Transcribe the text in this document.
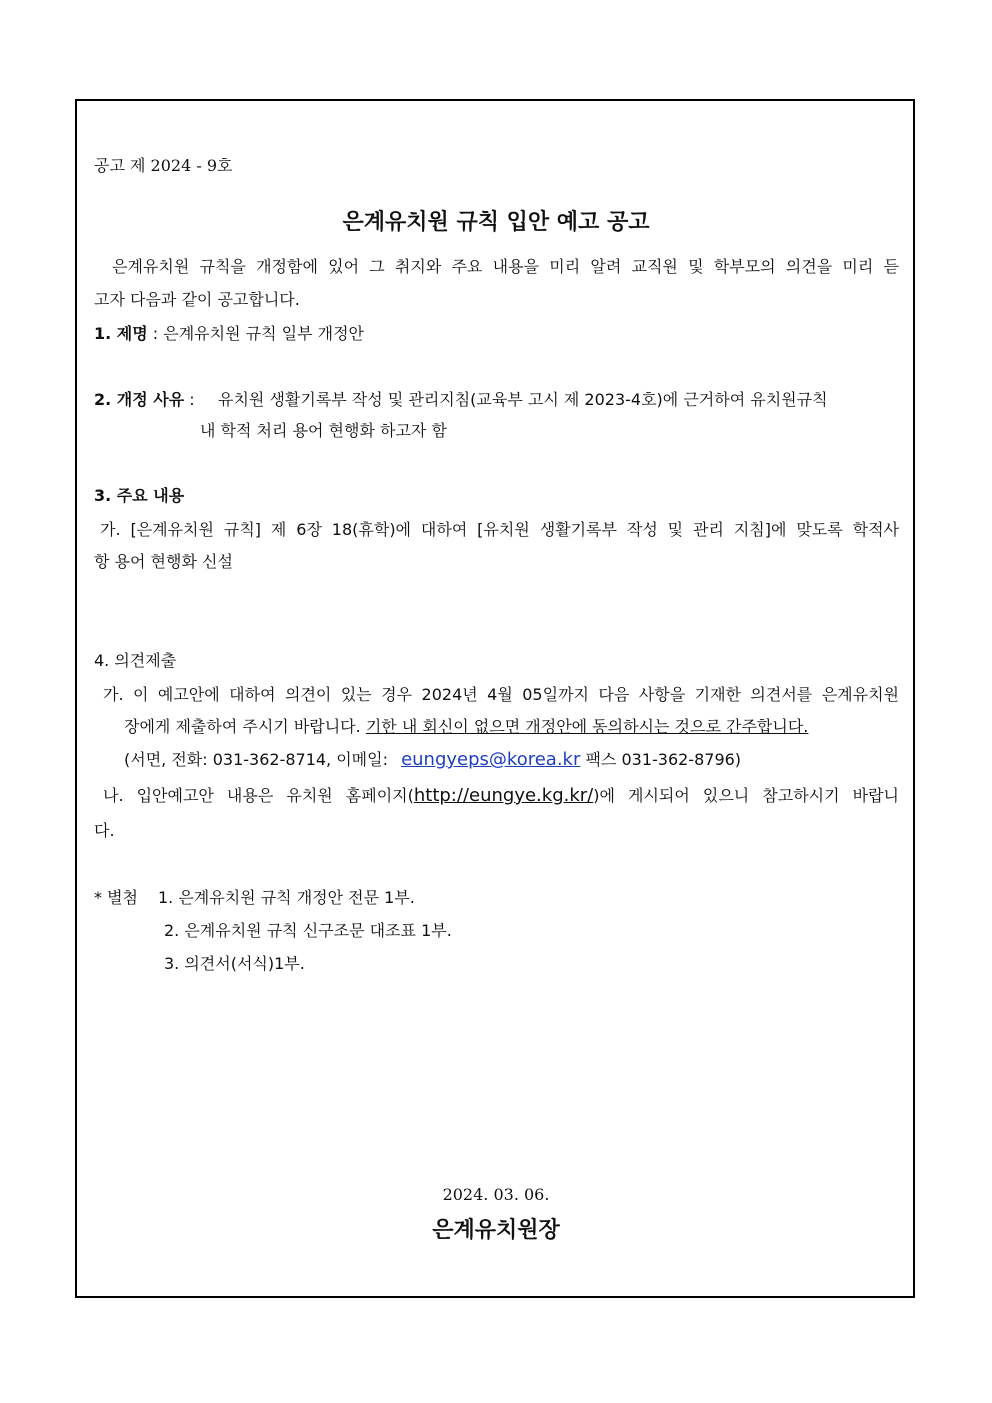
공고 제 2024 - 9호
은계유치원 규칙 입안 예고 공고
은계유치원 규칙을 개정함에 있어 그 취지와 주요 내용을 미리 알려 교직원 및 학부모의 의견을 미리 듣
고자 다음과 같이 공고합니다.
1. 제명 : 은계유치원 규칙 일부 개정안
2. 개정 사유 : 유치원 생활기록부 작성 및 관리지침(교육부 고시 제 2023-4호)에 근거하여 유치원규칙
내 학적 처리 용어 현행화 하고자 함
3. 주요 내용
가. [은계유치원 규칙] 제 6장 18(휴학)에 대하여 [유치원 생활기록부 작성 및 관리 지침]에 맞도록 학적사
항 용어 현행화 신설
4. 의견제출
가. 이 예고안에 대하여 의견이 있는 경우 2024년 4월 05일까지 다음 사항을 기재한 의견서를 은계유치원
장에게 제출하여 주시기 바랍니다. 기한 내 회신이 없으면 개정안에 동의하시는 것으로 간주합니다.
(서면, 전화: 031-362-8714, 이메일: eungyeps@korea.kr 팩스 031-362-8796)
나. 입안예고안 내용은 유치원 홈페이지(http://eungye.kg.kr/)에 게시되어 있으니 참고하시기 바랍니
다.
* 별첨 1. 은계유치원 규칙 개정안 전문 1부.
2. 은계유치원 규칙 신구조문 대조표 1부.
3. 의견서(서식)1부.
2024. 03. 06.
은계유치원장
